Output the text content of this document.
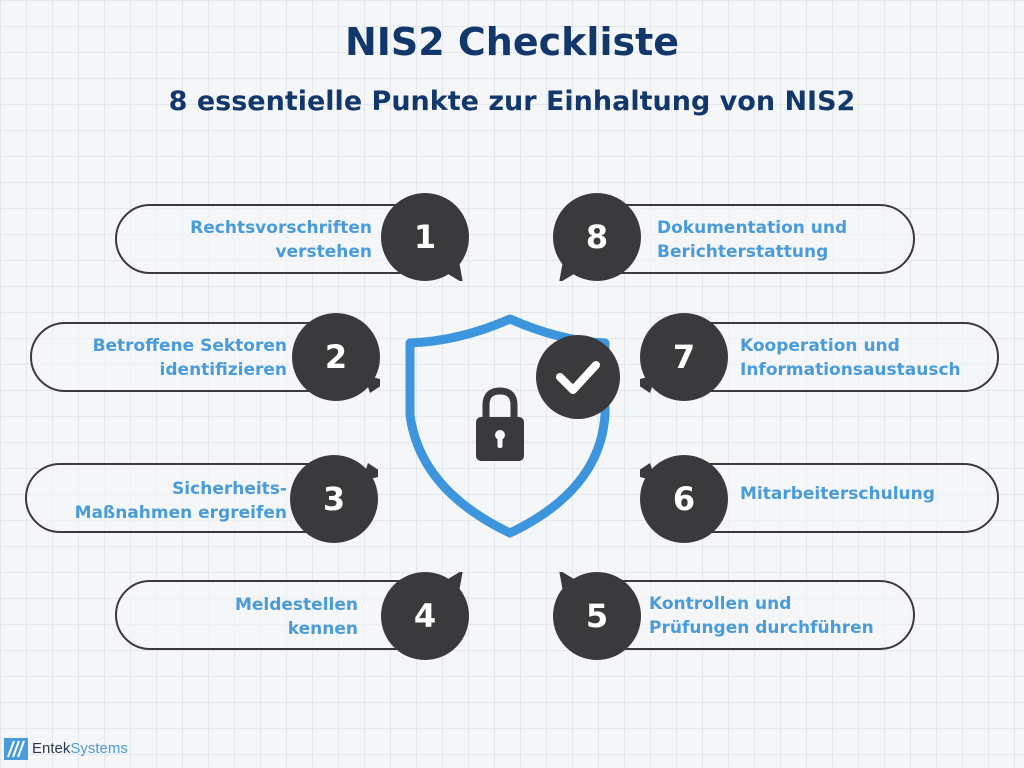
NIS2 Checkliste
8 essentielle Punkte zur Einhaltung von NIS2
Rechtsvorschriften
verstehen
Betroffene Sektoren
identifizieren
Sicherheits-
Maßnahmen ergreifen
Meldestellen
kennen
Dokumentation und
Berichterstattung
Kooperation und
Informationsaustausch
Mitarbeiterschulung
Kontrollen und
Prüfungen durchführen
1
2
3
4
8
7
6
5
EntekSystems
